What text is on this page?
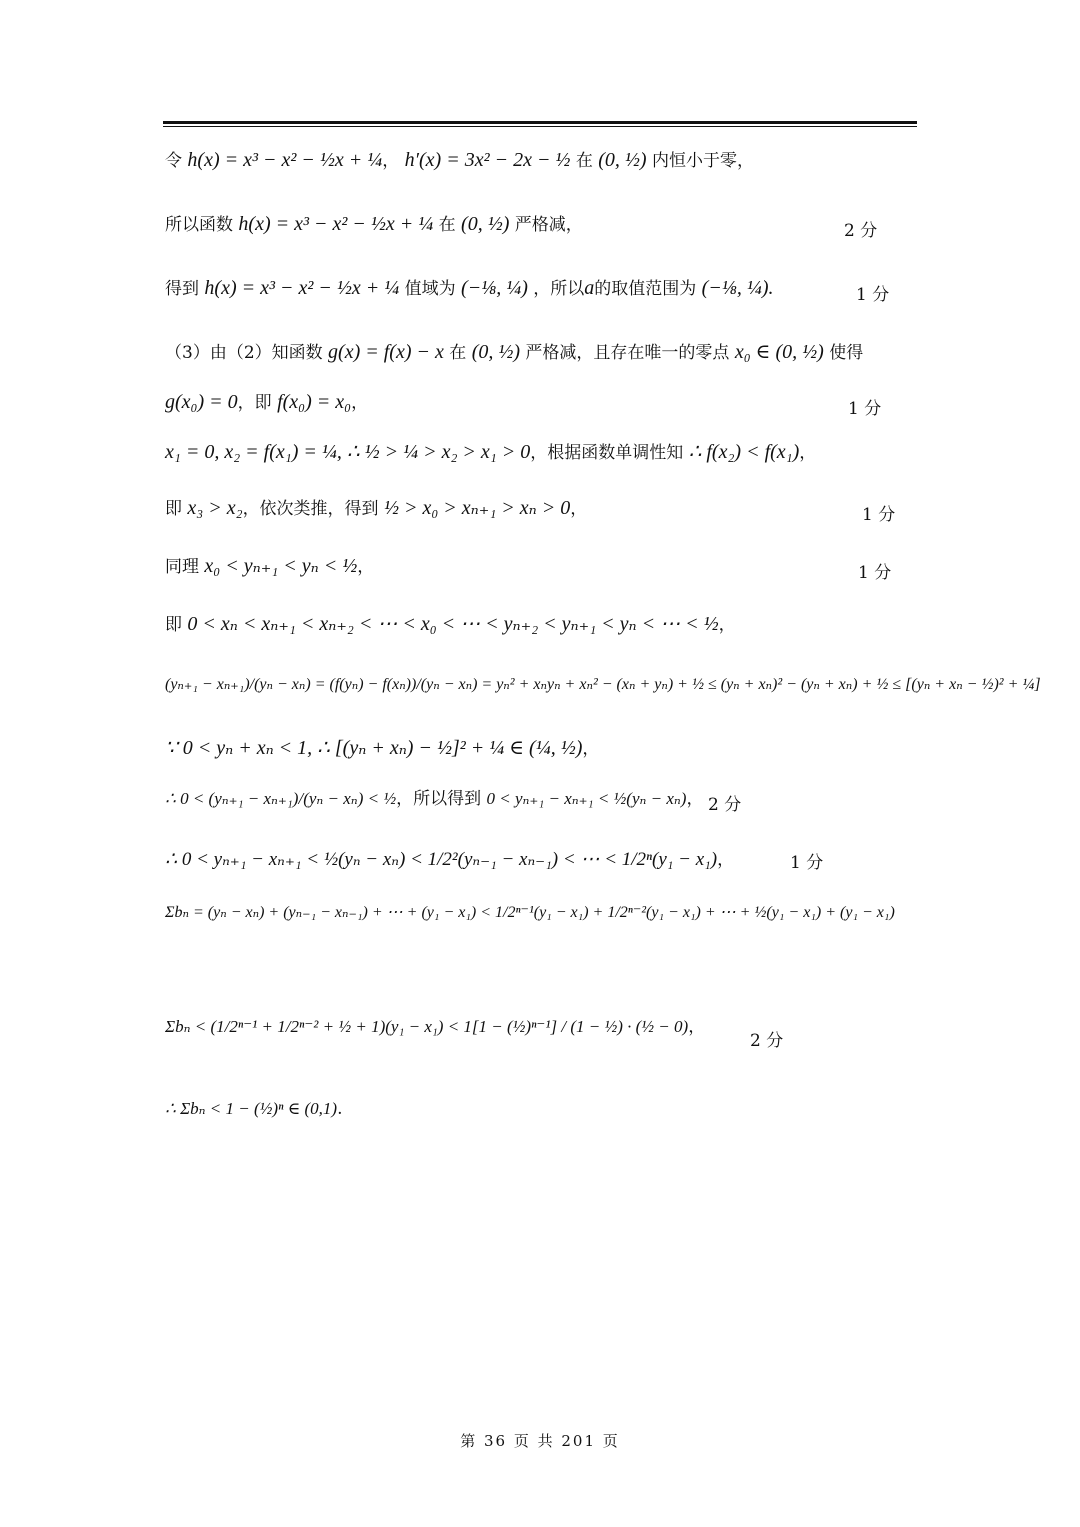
令 h(x) = x³ − x² − ½x + ¼， h′(x) = 3x² − 2x − ½ 在 (0, ½) 内恒小于零，
所以函数 h(x) = x³ − x² − ½x + ¼ 在 (0, ½) 严格减，	2 分
得到 h(x) = x³ − x² − ½x + ¼ 值域为 (−⅛, ¼) ，所以a的取值范围为 (−⅛, ¼).	1 分
（3）由（2）知函数 g(x) = f(x) − x 在 (0, ½) 严格减，且存在唯一的零点 x₀ ∈ (0, ½) 使得
g(x₀) = 0，即 f(x₀) = x₀，	1 分
x₁ = 0, x₂ = f(x₁) = ¼, ∴ ½ > ¼ > x₂ > x₁ > 0，根据函数单调性知 ∴ f(x₂) < f(x₁)，
即 x₃ > x₂，依次类推，得到 ½ > x₀ > xₙ₊₁ > xₙ > 0，	1 分
同理 x₀ < yₙ₊₁ < yₙ < ½，	1 分
即 0 < xₙ < xₙ₊₁ < xₙ₊₂ < ⋯ < x₀ < ⋯ < yₙ₊₂ < yₙ₊₁ < yₙ < ⋯ < ½，
(yₙ₊₁ − xₙ₊₁)/(yₙ − xₙ) = (f(yₙ) − f(xₙ))/(yₙ − xₙ) = yₙ² + xₙyₙ + xₙ² − (xₙ + yₙ) + ½ ≤ (yₙ + xₙ)² − (yₙ + xₙ) + ½ ≤ [(yₙ + xₙ − ½)² + ¼]
∵ 0 < yₙ + xₙ < 1, ∴ [(yₙ + xₙ) − ½]² + ¼ ∈ (¼, ½)，
∴ 0 < (yₙ₊₁ − xₙ₊₁)/(yₙ − xₙ) < ½，所以得到 0 < yₙ₊₁ − xₙ₊₁ < ½(yₙ − xₙ)， 2 分
∴ 0 < yₙ₊₁ − xₙ₊₁ < ½(yₙ − xₙ) < 1/2²(yₙ₋₁ − xₙ₋₁) < ⋯ < 1/2ⁿ(y₁ − x₁)，	1 分
Σbₙ = (yₙ − xₙ) + (yₙ₋₁ − xₙ₋₁) + ⋯ + (y₁ − x₁) < 1/2ⁿ⁻¹(y₁ − x₁) + 1/2ⁿ⁻²(y₁ − x₁) + ⋯ + ½(y₁ − x₁) + (y₁ − x₁)
Σbₙ < (1/2ⁿ⁻¹ + 1/2ⁿ⁻² + ½ + 1)(y₁ − x₁) < 1[1 − (½)ⁿ⁻¹] / (1 − ½) · (½ − 0)，
2 分
∴ Σbₙ < 1 − (½)ⁿ ∈ (0,1).
第 36 页 共 201 页
